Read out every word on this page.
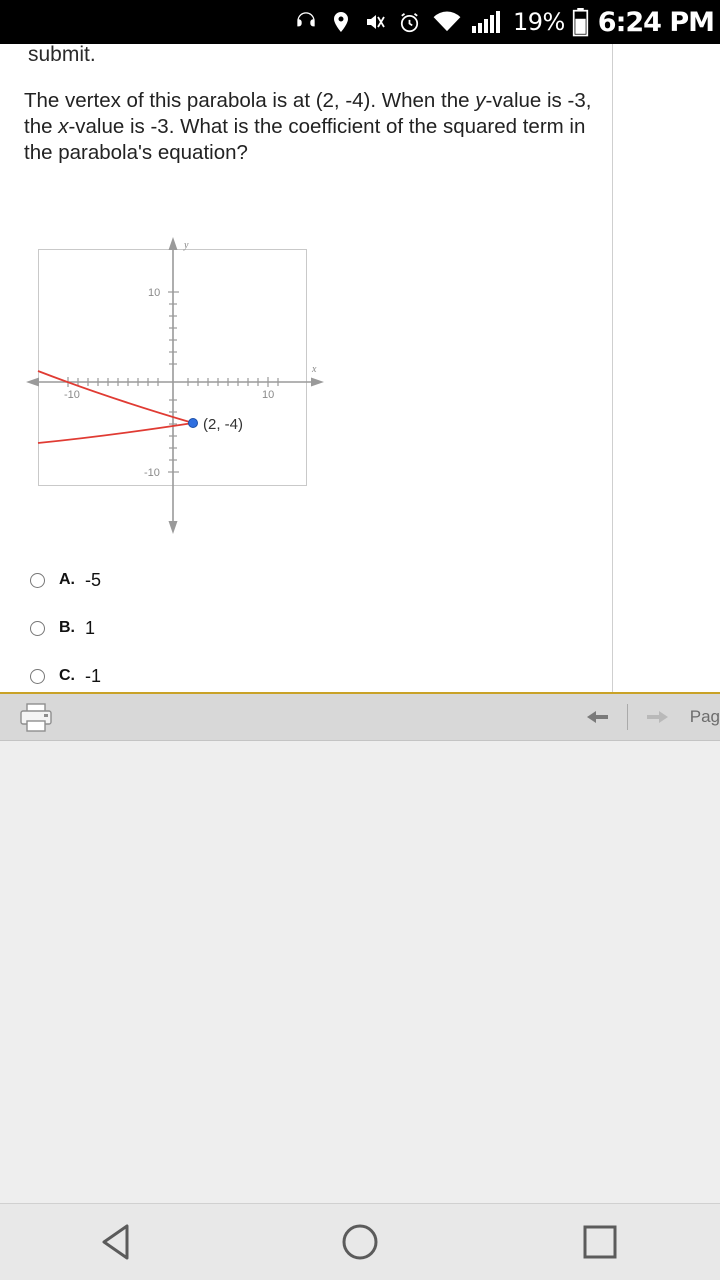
19% 6:24 PM
submit.
The vertex of this parabola is at (2, -4). When the y-value is -3, the x-value is -3. What is the coefficient of the squared term in the parabola's equation?
y
x
-10	10
10
-10
(2, -4)
A. -5
B. 1
C. -1
Pag
